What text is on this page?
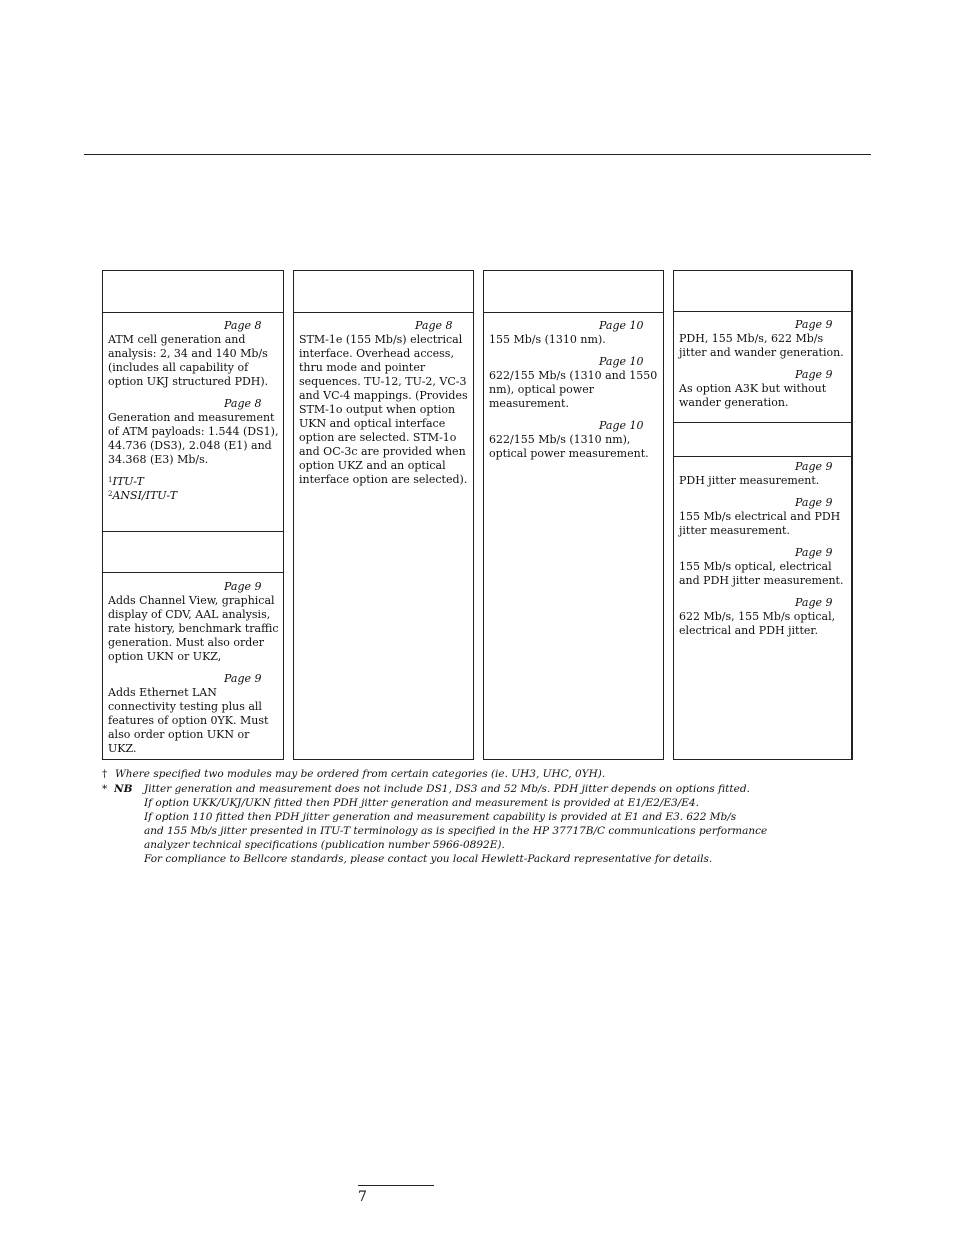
Page 8

ATM cell generation and analysis: 2, 34 and 140 Mb/s (includes all capability of option UKJ structured PDH).

Page 8

Generation and measurement of ATM payloads: 1.544 (DS1), 44.736 (DS3), 2.048 (E1) and 34.368 (E3) Mb/s.

$^1$ITU-T
$^2$ANSI/ITU-T
Page 9

Adds Channel View, graphical display of CDV, AAL analysis, rate history, benchmark traffic generation. Must also order option UKN or UKZ,

Page 9

Adds Ethernet LAN connectivity testing plus all features of option 0YK. Must also order option UKN or UKZ.

Page 8

STM-1e (155 Mb/s) electrical interface. Overhead access, thru mode and pointer sequences. TU-12, TU-2, VC-3 and VC-4 mappings. (Provides STM-1o output when option UKN and optical interface option are selected. STM-1o and OC-3c are provided when option UKZ and an optical interface option are selected).

Page 10

155 Mb/s (1310 nm).

Page 10

622/155 Mb/s (1310 and 1550 nm), optical power measurement.

Page 10

622/155 Mb/s (1310 nm), optical power measurement.

Page 9

PDH, 155 Mb/s, 622 Mb/s jitter and wander generation.

Page 9

As option A3K but without wander generation.

Page 9

PDH jitter measurement.

Page 9

155 Mb/s electrical and PDH jitter measurement.

Page 9

155 Mb/s optical, electrical and PDH jitter measurement.

Page 9

622 Mb/s, 155 Mb/s optical, electrical and PDH jitter.

† Where specified two modules may be ordered from certain categories (ie. UH3, UHC, 0YH).
* NB Jitter generation and measurement does not include DS1, DS3 and 52 Mb/s. PDH jitter depends on options fitted.
If option UKK/UKJ/UKN fitted then PDH jitter generation and measurement is provided at E1/E2/E3/E4.
If option 110 fitted then PDH jitter generation and measurement capability is provided at E1 and E3. 622 Mb/s
and 155 Mb/s jitter presented in ITU-T terminology as is specified in the HP 37717B/C communications performance
analyzer technical specifications (publication number 5966-0892E).
For compliance to Bellcore standards, please contact you local Hewlett-Packard representative for details.
7
